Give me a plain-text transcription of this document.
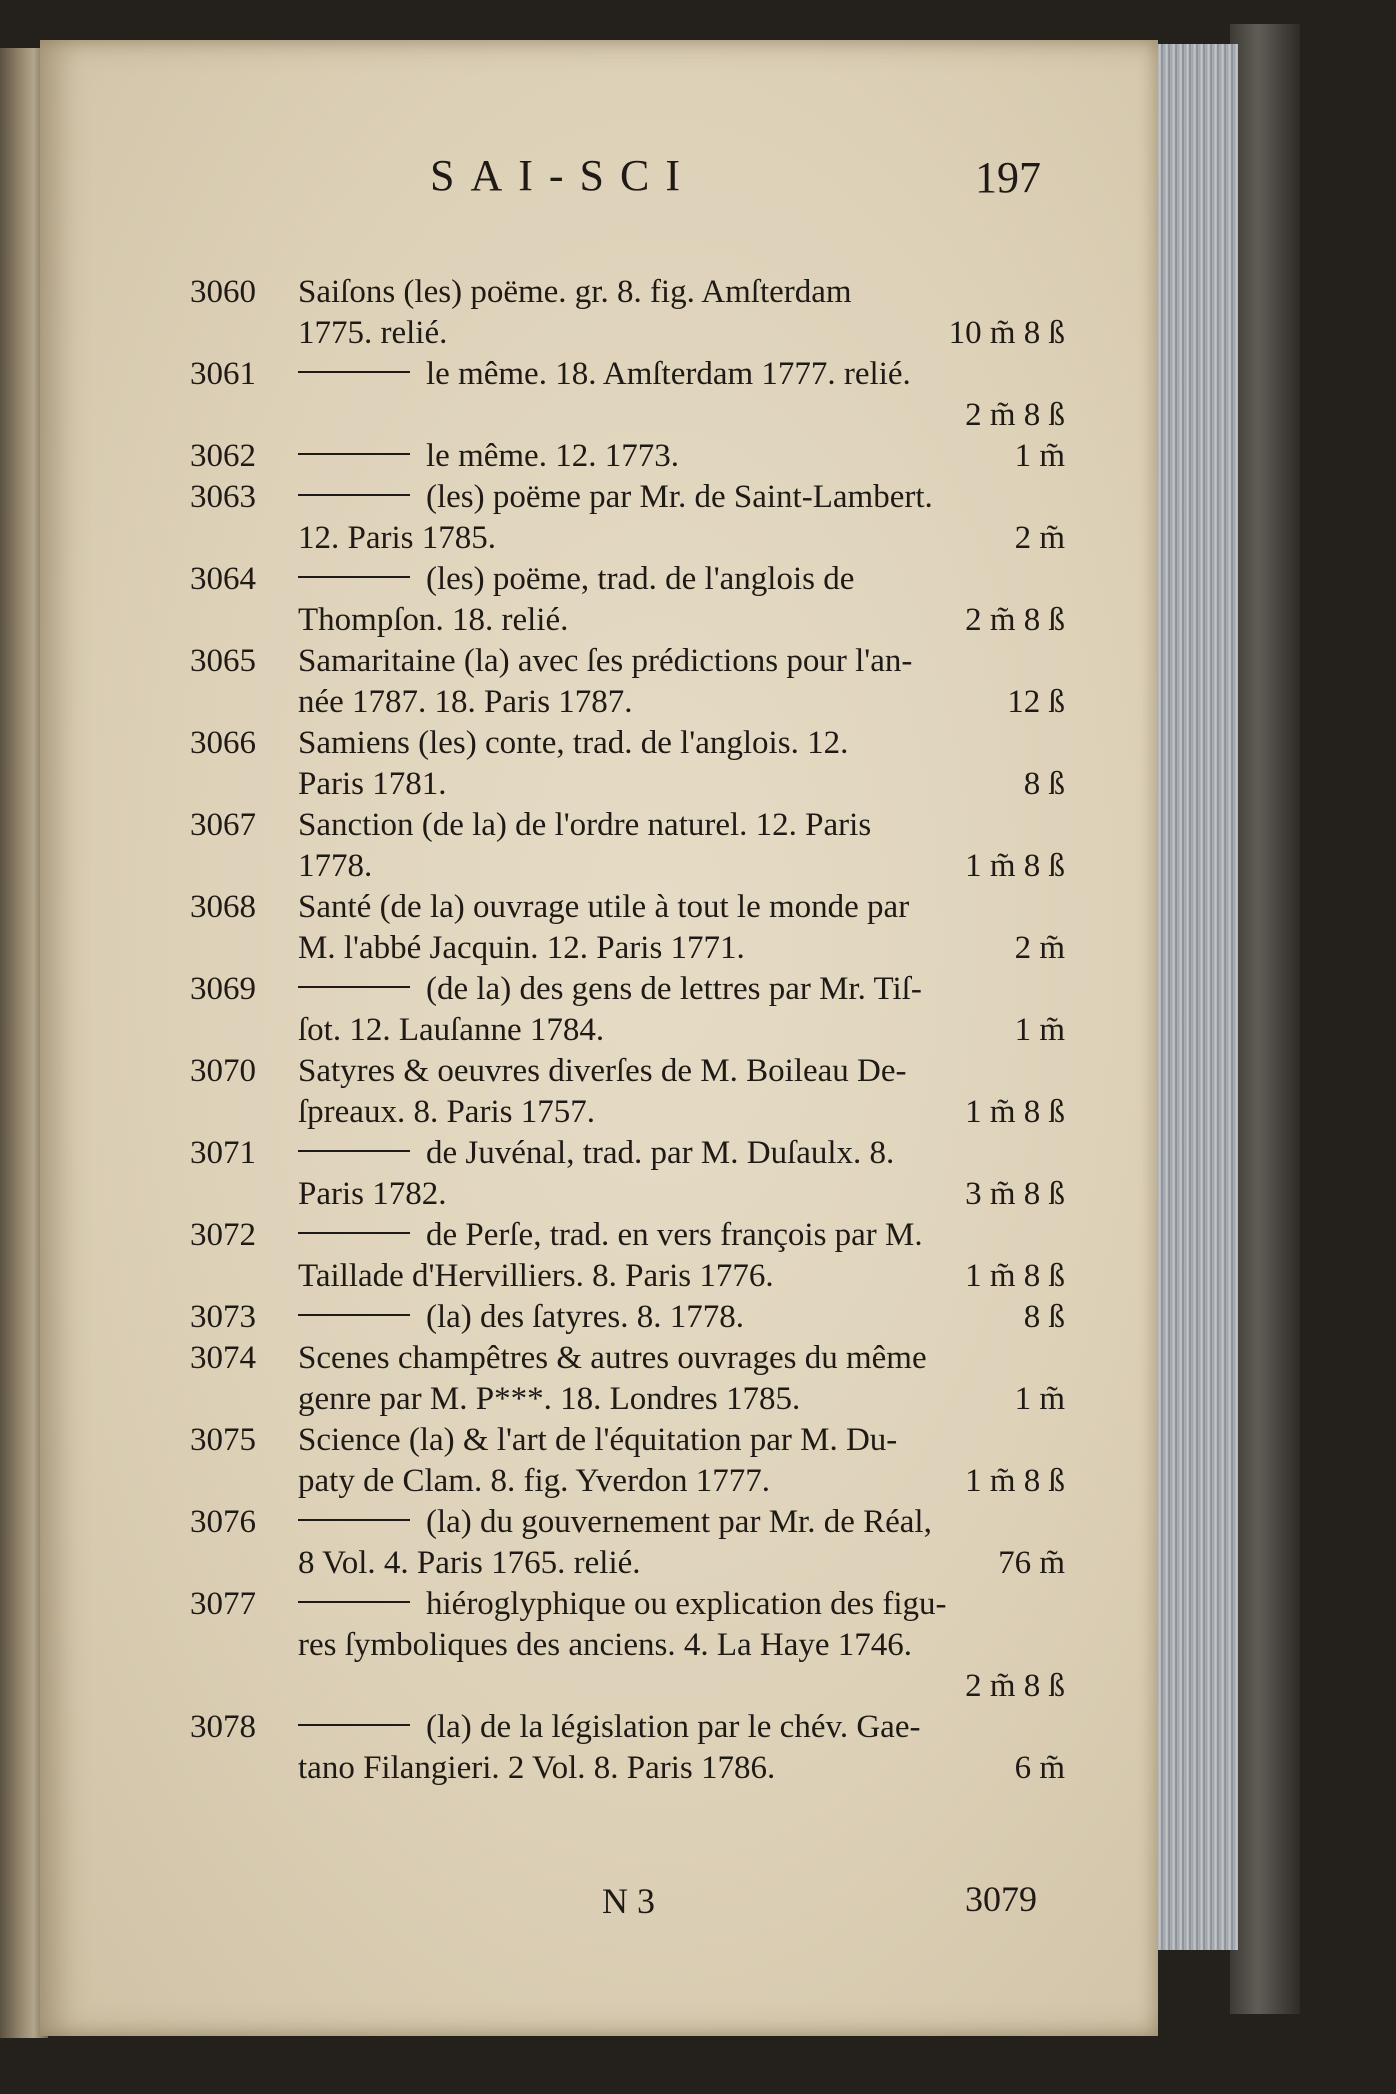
SAI-SCI	197
3060	Saiſons (les) poëme. gr. 8. fig. Amſterdam
1775. relié.	10 m̃ 8 ß
3061	le même. 18. Amſterdam 1777. relié.
2 m̃ 8 ß
3062	le même. 12. 1773.	1 m̃
3063	(les) poëme par Mr. de Saint-Lambert.
12. Paris 1785.	2 m̃
3064	(les) poëme, trad. de l'anglois de
Thompſon. 18. relié.	2 m̃ 8 ß
3065	Samaritaine (la) avec ſes prédictions pour l'an-
née 1787. 18. Paris 1787.	12 ß
3066	Samiens (les) conte, trad. de l'anglois. 12.
Paris 1781.	8 ß
3067	Sanction (de la) de l'ordre naturel. 12. Paris
1778.	1 m̃ 8 ß
3068	Santé (de la) ouvrage utile à tout le monde par
M. l'abbé Jacquin. 12. Paris 1771.	2 m̃
3069	(de la) des gens de lettres par Mr. Tiſ-
ſot. 12. Lauſanne 1784.	1 m̃
3070	Satyres & oeuvres diverſes de M. Boileau De-
ſpreaux. 8. Paris 1757.	1 m̃ 8 ß
3071	de Juvénal, trad. par M. Duſaulx. 8.
Paris 1782.	3 m̃ 8 ß
3072	de Perſe, trad. en vers françois par M.
Taillade d'Hervilliers. 8. Paris 1776.	1 m̃ 8 ß
3073	(la) des ſatyres. 8. 1778.	8 ß
3074	Scenes champêtres & autres ouvrages du même
genre par M. P***. 18. Londres 1785.	1 m̃
3075	Science (la) & l'art de l'équitation par M. Du-
paty de Clam. 8. fig. Yverdon 1777.	1 m̃ 8 ß
3076	(la) du gouvernement par Mr. de Réal,
8 Vol. 4. Paris 1765. relié.	76 m̃
3077	hiéroglyphique ou explication des figu-
res ſymboliques des anciens. 4. La Haye 1746.
2 m̃ 8 ß
3078	(la) de la législation par le chév. Gae-
tano Filangieri. 2 Vol. 8. Paris 1786.	6 m̃
N 3	3079
